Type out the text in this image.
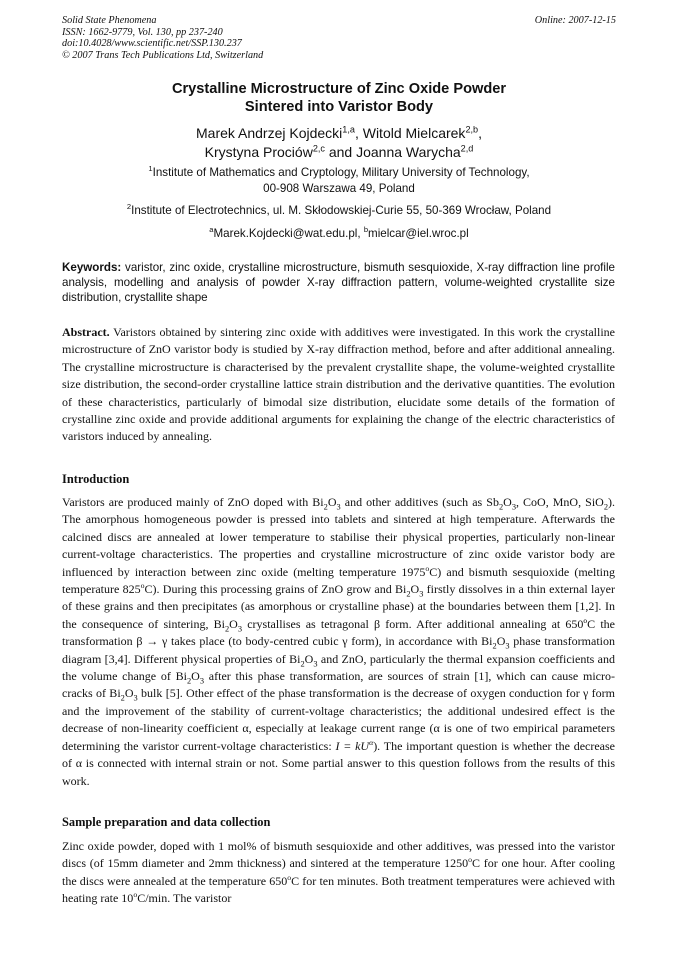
Solid State Phenomena
ISSN: 1662-9779, Vol. 130, pp 237-240
doi:10.4028/www.scientific.net/SSP.130.237
© 2007 Trans Tech Publications Ltd, Switzerland
Online: 2007-12-15
Crystalline Microstructure of Zinc Oxide Powder
Sintered into Varistor Body
Marek Andrzej Kojdecki$^{1,a}$, Witold Mielcarek$^{2,b}$,
Krystyna Prociów$^{2,c}$ and Joanna Warycha$^{2,d}$
$^1$Institute of Mathematics and Cryptology, Military University of Technology,
00-908 Warszawa 49, Poland
$^2$Institute of Electrotechnics, ul. M. Skłodowskiej-Curie 55, 50-369 Wrocław, Poland
$^a$Marek.Kojdecki@wat.edu.pl, $^b$mielcar@iel.wroc.pl
Keywords: varistor, zinc oxide, crystalline microstructure, bismuth sesquioxide, X-ray diffraction line profile analysis, modelling and analysis of powder X-ray diffraction pattern, volume-weighted crystallite size distribution, crystallite shape
Abstract. Varistors obtained by sintering zinc oxide with additives were investigated. In this work the crystalline microstructure of ZnO varistor body is studied by X-ray diffraction method, before and after additional annealing. The crystalline microstructure is characterised by the prevalent crystallite shape, the volume-weighted crystallite size distribution, the second-order crystalline lattice strain distribution and the derivative quantities. The evolution of these characteristics, particularly of bimodal size distribution, elucidate some details of the formation of crystalline zinc oxide and provide additional arguments for explaining the change of the electric characteristics of varistors induced by annealing.
Introduction
Varistors are produced mainly of ZnO doped with $Bi_2O_3$ and other additives (such as $Sb_2O_3$, CoO, MnO, SiO$_2$). The amorphous homogeneous powder is pressed into tablets and sintered at high temperature. Afterwards the calcined discs are annealed at lower temperature to stabilise their physical properties, particularly non-linear current-voltage characteristics. The properties and crystalline microstructure of zinc oxide varistor body are influenced by interaction between zinc oxide (melting temperature 1975$^o$C) and bismuth sesquioxide (melting temperature 825$^o$C). During this processing grains of ZnO grow and $Bi_2O_3$ firstly dissolves in a thin external layer of these grains and then precipitates (as amorphous or crystalline phase) at the boundaries between them [1,2]. In the consequence of sintering, $Bi_2O_3$ crystallises as tetragonal β form. After additional annealing at 650ºC the transformation β → γ takes place (to body-centred cubic γ form), in accordance with $Bi_2O_3$ phase transformation diagram [3,4]. Different physical properties of $Bi_2O_3$ and ZnO, particularly the thermal expansion coefficients and the volume change of $Bi_2O_3$ after this phase transformation, are sources of strain [1], which can cause micro-cracks of $Bi_2O_3$ bulk [5]. Other effect of the phase transformation is the decrease of oxygen conduction for γ form and the improvement of the stability of current-voltage characteristics; the additional undesired effect is the decrease of non-linearity coefficient α, especially at leakage current range (α is one of two empirical parameters determining the varistor current-voltage characteristics: $I = kU^\alpha$). The important question is whether the decrease of α is connected with internal strain or not. Some partial answer to this question follows from the results of this work.
Sample preparation and data collection
Zinc oxide powder, doped with 1 mol% of bismuth sesquioxide and other additives, was pressed into the varistor discs (of 15mm diameter and 2mm thickness) and sintered at the temperature 1250$^o$C for one hour. After cooling the discs were annealed at the temperature 650$^o$C for ten minutes. Both treatment temperatures were achieved with heating rate 10$^o$C/min. The varistor
